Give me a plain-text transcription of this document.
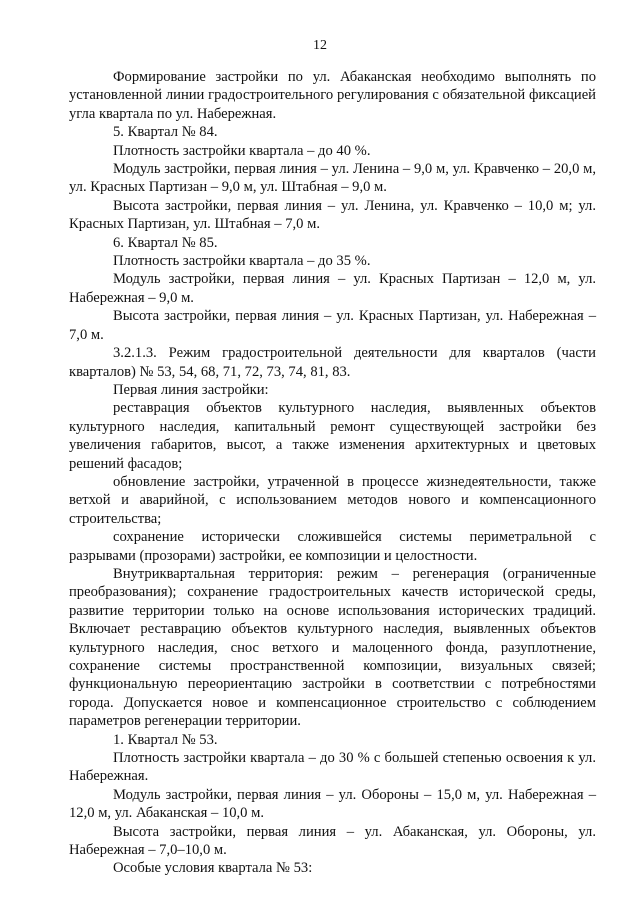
12

Формирование застройки по ул. Абаканская необходимо выполнять по установленной линии градостроительного регулирования с обязательной фиксацией угла квартала по ул. Набережная.

5. Квартал № 84.

Плотность застройки квартала – до 40 %.

Модуль застройки, первая линия – ул. Ленина – 9,0 м, ул. Кравченко – 20,0 м, ул. Красных Партизан – 9,0 м, ул. Штабная – 9,0 м.

Высота застройки, первая линия – ул. Ленина, ул. Кравченко – 10,0 м; ул. Красных Партизан, ул. Штабная – 7,0 м.

6. Квартал № 85.

Плотность застройки квартала – до 35 %.

Модуль застройки, первая линия – ул. Красных Партизан – 12,0 м, ул. Набережная – 9,0 м.

Высота застройки, первая линия – ул. Красных Партизан, ул. Набережная – 7,0 м.

3.2.1.3. Режим градостроительной деятельности для кварталов (части кварталов) № 53, 54, 68, 71, 72, 73, 74, 81, 83.

Первая линия застройки:

реставрация объектов культурного наследия, выявленных объектов культурного наследия, капитальный ремонт существующей застройки без увеличения габаритов, высот, а также изменения архитектурных и цветовых решений фасадов;

обновление застройки, утраченной в процессе жизнедеятельности, также ветхой и аварийной, с использованием методов нового и компенсационного строительства;

сохранение исторически сложившейся системы периметральной с разрывами (прозорами) застройки, ее композиции и целостности.

Внутриквартальная территория: режим – регенерация (ограниченные преобразования); сохранение градостроительных качеств исторической среды, развитие территории только на основе использования исторических традиций. Включает реставрацию объектов культурного наследия, выявленных объектов культурного наследия, снос ветхого и малоценного фонда, разуплотнение, сохранение системы пространственной композиции, визуальных связей; функциональную переориентацию застройки в соответствии с потребностями города. Допускается новое и компенсационное строительство с соблюдением параметров регенерации территории.

1. Квартал № 53.

Плотность застройки квартала – до 30 % с большей степенью освоения к ул. Набережная.

Модуль застройки, первая линия – ул. Обороны – 15,0 м, ул. Набережная – 12,0 м, ул. Абаканская – 10,0 м.

Высота застройки, первая линия – ул. Абаканская, ул. Обороны, ул. Набережная – 7,0–10,0 м.

Особые условия квартала № 53:
